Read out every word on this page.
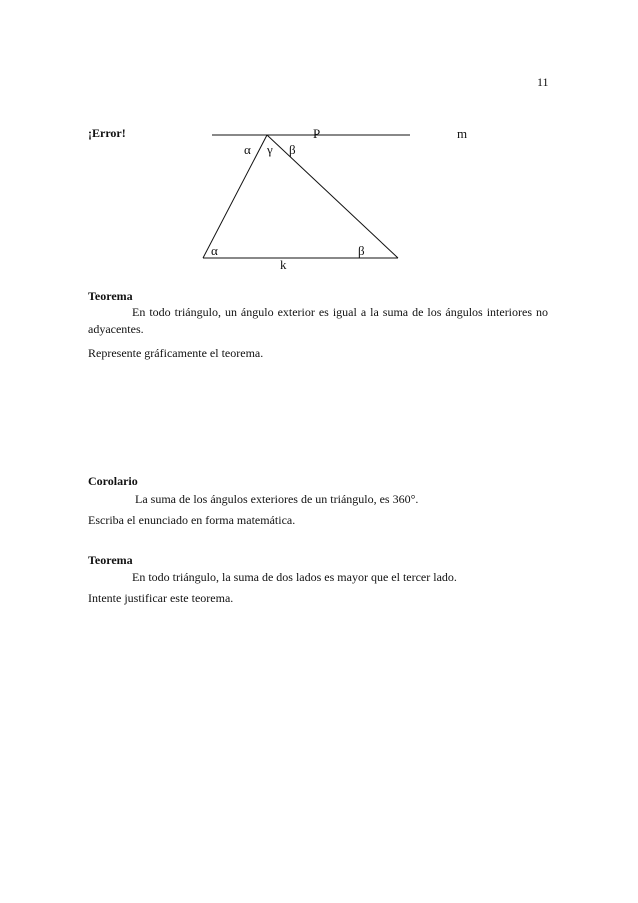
11
¡Error!	P	m
α γ β
α	β
k
Teorema
En todo triángulo, un ángulo exterior es igual a la suma de los ángulos interiores no adyacentes.
Represente gráficamente el teorema.
Corolario
La suma de los ángulos exteriores de un triángulo, es 360°.
Escriba el enunciado en forma matemática.
Teorema
En todo triángulo, la suma de dos lados es mayor que el tercer lado.
Intente justificar este teorema.
